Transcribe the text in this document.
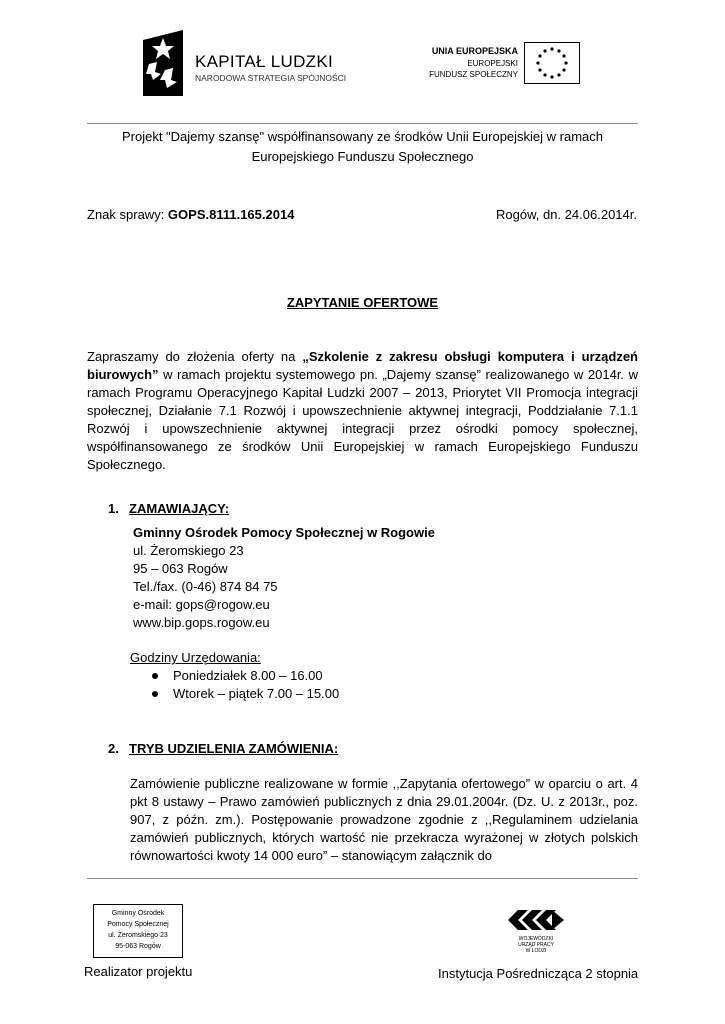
KAPITAŁ LUDZKI
NARODOWA STRATEGIA SPÓJNOŚCI
UNIA EUROPEJSKA
EUROPEJSKI
FUNDUSZ SPOŁECZNY
Projekt "Dajemy szansę" współfinansowany ze środków Unii Europejskiej w ramach
Europejskiego Funduszu Społecznego
Znak sprawy: GOPS.8111.165.2014	Rogów, dn. 24.06.2014r.
ZAPYTANIE OFERTOWE
Zapraszamy do złożenia oferty na „Szkolenie z zakresu obsługi komputera i urządzeń biurowych” w ramach projektu systemowego pn. „Dajemy szansę” realizowanego w 2014r. w ramach Programu Operacyjnego Kapitał Ludzki 2007 – 2013, Priorytet VII Promocja integracji społecznej, Działanie 7.1 Rozwój i upowszechnienie aktywnej integracji, Poddziałanie 7.1.1 Rozwój i upowszechnienie aktywnej integracji przez ośrodki pomocy społecznej, współfinansowanego ze środków Unii Europejskiej w ramach Europejskiego Funduszu Społecznego.
1. ZAMAWIAJĄCY:
Gminny Ośrodek Pomocy Społecznej w Rogowie
ul. Żeromskiego 23
95 – 063 Rogów
Tel./fax. (0-46) 874 84 75
e-mail: gops@rogow.eu
www.bip.gops.rogow.eu
Godziny Urzędowania:
Poniedziałek 8.00 – 16.00
Wtorek – piątek 7.00 – 15.00
2. TRYB UDZIELENIA ZAMÓWIENIA:
Zamówienie publiczne realizowane w formie ,,Zapytania ofertowego” w oparciu o art. 4 pkt 8 ustawy – Prawo zamówień publicznych z dnia 29.01.2004r. (Dz. U. z 2013r., poz. 907, z późn. zm.). Postępowanie prowadzone zgodnie z ,,Regulaminem udzielania zamówień publicznych, których wartość nie przekracza wyrażonej w złotych polskich równowartości kwoty 14 000 euro” – stanowiącym załącznik do
Gminny Ośrodek
Pomocy Społecznej
ul. Żeromskiego 23
95-063 Rogów
Realizator projektu
WOJEWÓDZKI
URZĄD PRACY
W ŁODZI
Instytucja Pośrednicząca 2 stopnia
